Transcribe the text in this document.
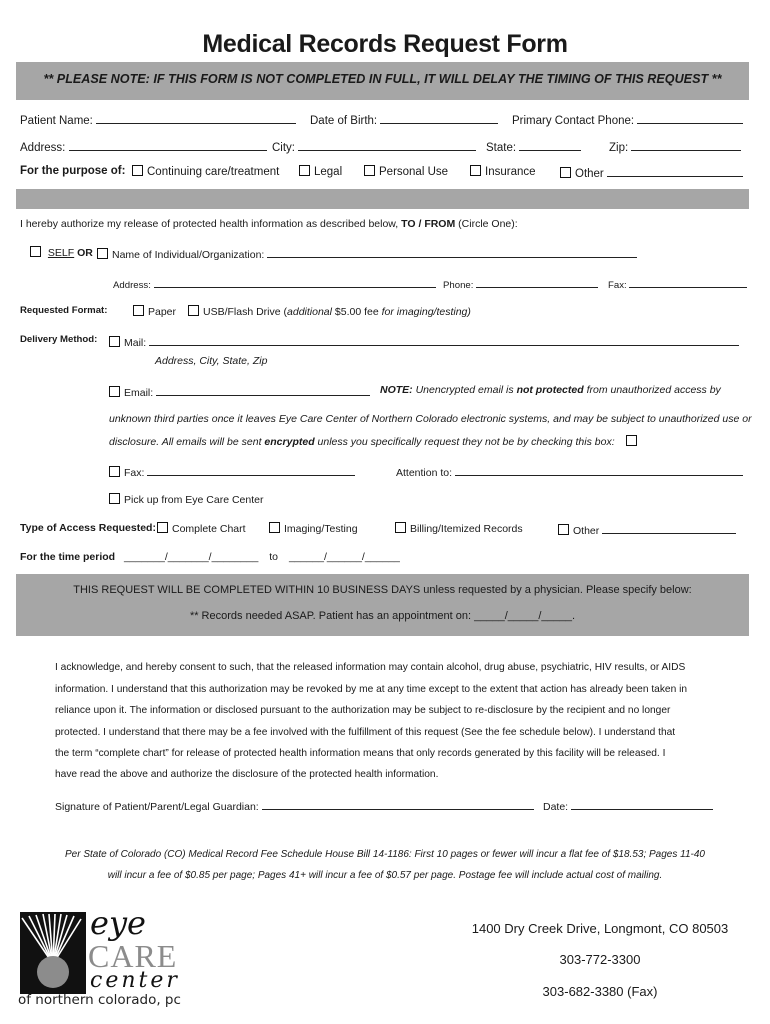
Medical Records Request Form
** PLEASE NOTE: IF THIS FORM IS NOT COMPLETED IN FULL, IT WILL DELAY THE TIMING OF THIS REQUEST **
Patient Name:	Date of Birth:	Primary Contact Phone:
Address:	City:	State:	Zip:
For the purpose of:	Continuing care/treatment	Legal	Personal Use	Insurance	Other
I hereby authorize my release of protected health information as described below, TO / FROM (Circle One):
SELF OR	Name of Individual/Organization:
Address:	Phone:	Fax:
Requested Format:	Paper	USB/Flash Drive (additional $5.00 fee for imaging/testing)
Delivery Method:	Mail:
Address, City, State, Zip
Email:	NOTE: Unencrypted email is not protected from unauthorized access by
unknown third parties once it leaves Eye Care Center of Northern Colorado electronic systems, and may be subject to unauthorized use or
disclosure. All emails will be sent encrypted unless you specifically request they not be by checking this box:
Fax:	Attention to:
Pick up from Eye Care Center
Type of Access Requested:	Complete Chart	Imaging/Testing	Billing/Itemized Records	Other
For the time period _______/_______/________ to ______/______/______
THIS REQUEST WILL BE COMPLETED WITHIN 10 BUSINESS DAYS unless requested by a physician. Please specify below:
** Records needed ASAP. Patient has an appointment on: _____/_____/_____.
I acknowledge, and hereby consent to such, that the released information may contain alcohol, drug abuse, psychiatric, HIV results, or AIDS
information. I understand that this authorization may be revoked by me at any time except to the extent that action has already been taken in
reliance upon it. The information or disclosed pursuant to the authorization may be subject to re-disclosure by the recipient and no longer
protected. I understand that there may be a fee involved with the fulfillment of this request (See the fee schedule below). I understand that
the term “complete chart” for release of protected health information means that only records generated by this facility will be released. I
have read the above and authorize the disclosure of the protected health information.
Signature of Patient/Parent/Legal Guardian:	Date:
Per State of Colorado (CO) Medical Record Fee Schedule House Bill 14-1186: First 10 pages or fewer will incur a flat fee of $18.53; Pages 11-40
will incur a fee of $0.85 per page; Pages 41+ will incur a fee of $0.57 per page. Postage fee will include actual cost of mailing.
eye
CARE
center
of northern colorado, pc
1400 Dry Creek Drive, Longmont, CO 80503
303-772-3300
303-682-3380 (Fax)
